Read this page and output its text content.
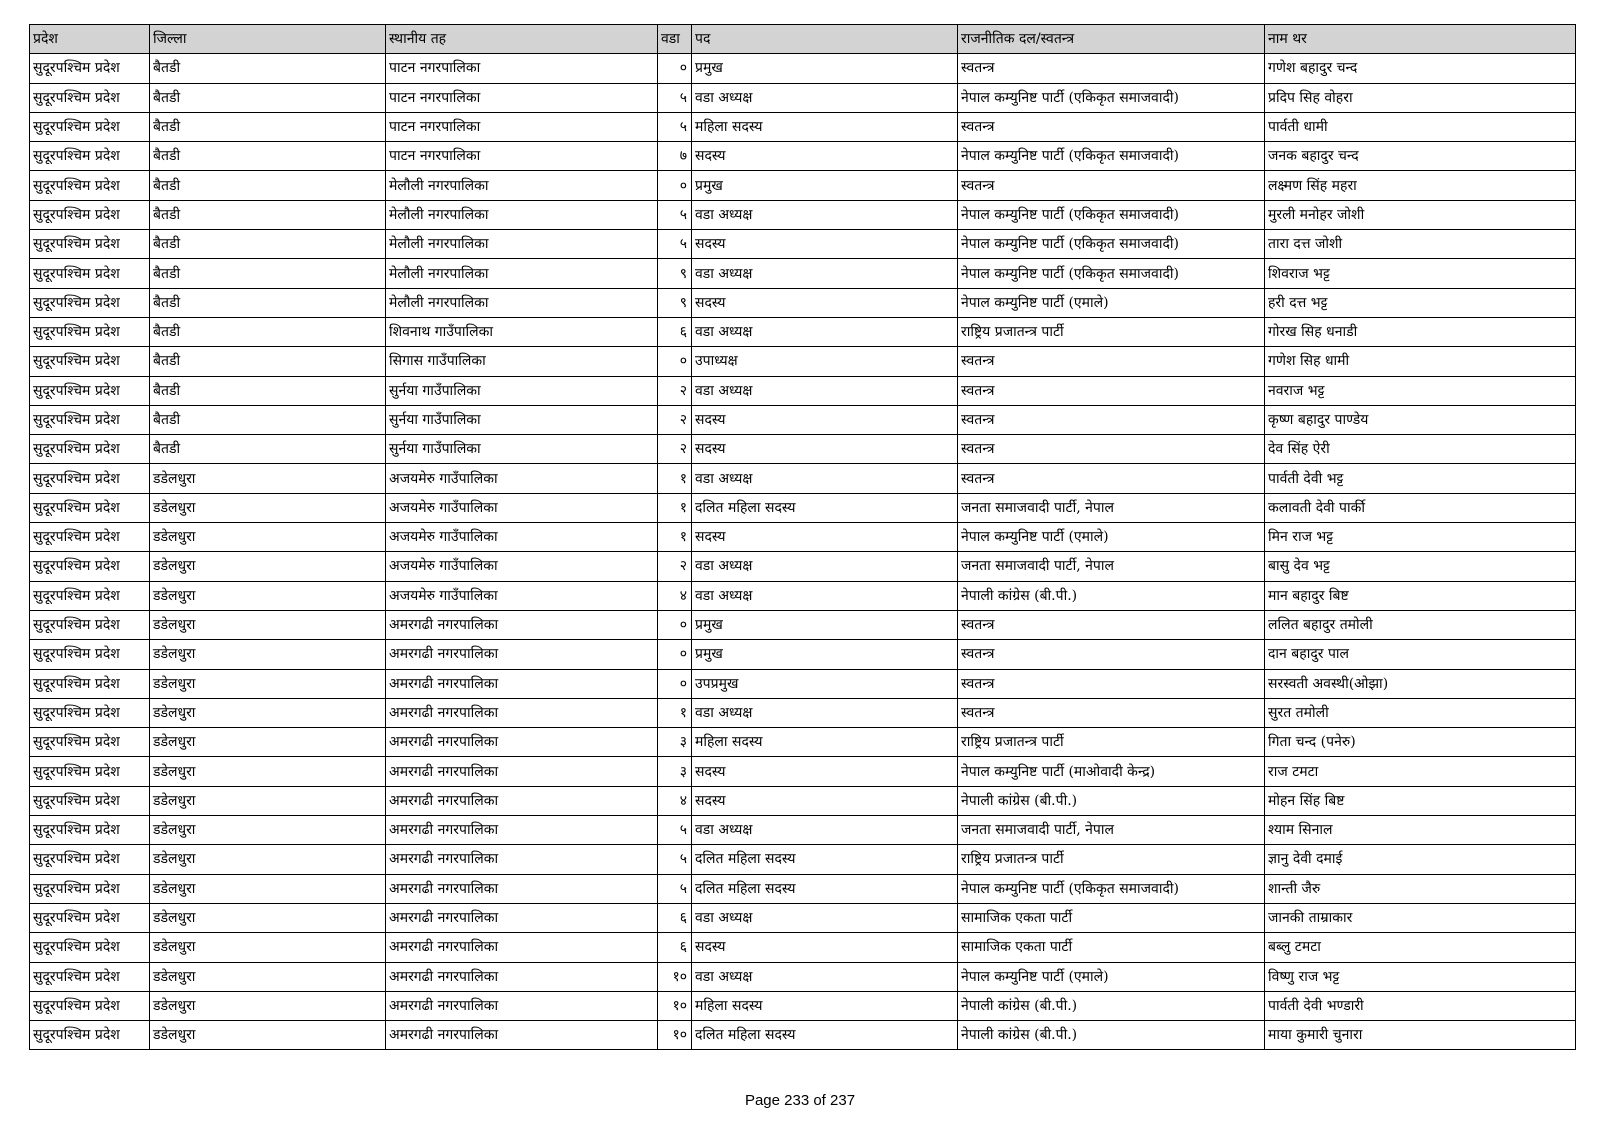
प्रदेश	जिल्ला	स्थानीय तह	वडा	पद	राजनीतिक दल/स्वतन्त्र	नाम थर
सुदूरपश्चिम प्रदेश	बैतडी	पाटन नगरपालिका	०	प्रमुख	स्वतन्त्र	गणेश बहादुर चन्द
सुदूरपश्चिम प्रदेश	बैतडी	पाटन नगरपालिका	५	वडा अध्यक्ष	नेपाल कम्युनिष्ट पार्टी (एकिकृत समाजवादी)	प्रदिप सिह वोहरा
सुदूरपश्चिम प्रदेश	बैतडी	पाटन नगरपालिका	५	महिला सदस्य	स्वतन्त्र	पार्वती धामी
सुदूरपश्चिम प्रदेश	बैतडी	पाटन नगरपालिका	७	सदस्य	नेपाल कम्युनिष्ट पार्टी (एकिकृत समाजवादी)	जनक बहादुर चन्द
सुदूरपश्चिम प्रदेश	बैतडी	मेलौली नगरपालिका	०	प्रमुख	स्वतन्त्र	लक्ष्मण सिंह महरा
सुदूरपश्चिम प्रदेश	बैतडी	मेलौली नगरपालिका	५	वडा अध्यक्ष	नेपाल कम्युनिष्ट पार्टी (एकिकृत समाजवादी)	मुरली मनोहर जोशी
सुदूरपश्चिम प्रदेश	बैतडी	मेलौली नगरपालिका	५	सदस्य	नेपाल कम्युनिष्ट पार्टी (एकिकृत समाजवादी)	तारा दत्त जोशी
सुदूरपश्चिम प्रदेश	बैतडी	मेलौली नगरपालिका	९	वडा अध्यक्ष	नेपाल कम्युनिष्ट पार्टी (एकिकृत समाजवादी)	शिवराज भट्ट
सुदूरपश्चिम प्रदेश	बैतडी	मेलौली नगरपालिका	९	सदस्य	नेपाल कम्युनिष्ट पार्टी (एमाले)	हरी दत्त भट्ट
सुदूरपश्चिम प्रदेश	बैतडी	शिवनाथ गाउँपालिका	६	वडा अध्यक्ष	राष्ट्रिय प्रजातन्त्र पार्टी	गोरख सिह धनाडी
सुदूरपश्चिम प्रदेश	बैतडी	सिगास गाउँपालिका	०	उपाध्यक्ष	स्वतन्त्र	गणेश सिह धामी
सुदूरपश्चिम प्रदेश	बैतडी	सुर्नया गाउँपालिका	२	वडा अध्यक्ष	स्वतन्त्र	नवराज भट्ट
सुदूरपश्चिम प्रदेश	बैतडी	सुर्नया गाउँपालिका	२	सदस्य	स्वतन्त्र	कृष्ण बहादुर पाण्डेय
सुदूरपश्चिम प्रदेश	बैतडी	सुर्नया गाउँपालिका	२	सदस्य	स्वतन्त्र	देव सिंह ऐरी
सुदूरपश्चिम प्रदेश	डडेलधुरा	अजयमेरु गाउँपालिका	१	वडा अध्यक्ष	स्वतन्त्र	पार्वती देवी भट्ट
सुदूरपश्चिम प्रदेश	डडेलधुरा	अजयमेरु गाउँपालिका	१	दलित महिला सदस्य	जनता समाजवादी पार्टी, नेपाल	कलावती देवी पार्की
सुदूरपश्चिम प्रदेश	डडेलधुरा	अजयमेरु गाउँपालिका	१	सदस्य	नेपाल कम्युनिष्ट पार्टी (एमाले)	मिन राज भट्ट
सुदूरपश्चिम प्रदेश	डडेलधुरा	अजयमेरु गाउँपालिका	२	वडा अध्यक्ष	जनता समाजवादी पार्टी, नेपाल	बासु देव भट्ट
सुदूरपश्चिम प्रदेश	डडेलधुरा	अजयमेरु गाउँपालिका	४	वडा अध्यक्ष	नेपाली कांग्रेस (बी.पी.)	मान बहादुर बिष्ट
सुदूरपश्चिम प्रदेश	डडेलधुरा	अमरगढी नगरपालिका	०	प्रमुख	स्वतन्त्र	ललित बहादुर तमोली
सुदूरपश्चिम प्रदेश	डडेलधुरा	अमरगढी नगरपालिका	०	प्रमुख	स्वतन्त्र	दान बहादुर पाल
सुदूरपश्चिम प्रदेश	डडेलधुरा	अमरगढी नगरपालिका	०	उपप्रमुख	स्वतन्त्र	सरस्वती अवस्थी(ओझा)
सुदूरपश्चिम प्रदेश	डडेलधुरा	अमरगढी नगरपालिका	१	वडा अध्यक्ष	स्वतन्त्र	सुरत तमोली
सुदूरपश्चिम प्रदेश	डडेलधुरा	अमरगढी नगरपालिका	३	महिला सदस्य	राष्ट्रिय प्रजातन्त्र पार्टी	गिता चन्द (पनेरु)
सुदूरपश्चिम प्रदेश	डडेलधुरा	अमरगढी नगरपालिका	३	सदस्य	नेपाल कम्युनिष्ट पार्टी (माओवादी केन्द्र)	राज टमटा
सुदूरपश्चिम प्रदेश	डडेलधुरा	अमरगढी नगरपालिका	४	सदस्य	नेपाली कांग्रेस (बी.पी.)	मोहन सिंह बिष्ट
सुदूरपश्चिम प्रदेश	डडेलधुरा	अमरगढी नगरपालिका	५	वडा अध्यक्ष	जनता समाजवादी पार्टी, नेपाल	श्याम सिनाल
सुदूरपश्चिम प्रदेश	डडेलधुरा	अमरगढी नगरपालिका	५	दलित महिला सदस्य	राष्ट्रिय प्रजातन्त्र पार्टी	ज्ञानु देवी दमाई
सुदूरपश्चिम प्रदेश	डडेलधुरा	अमरगढी नगरपालिका	५	दलित महिला सदस्य	नेपाल कम्युनिष्ट पार्टी (एकिकृत समाजवादी)	शान्ती जैरु
सुदूरपश्चिम प्रदेश	डडेलधुरा	अमरगढी नगरपालिका	६	वडा अध्यक्ष	सामाजिक एकता पार्टी	जानकी ताम्राकार
सुदूरपश्चिम प्रदेश	डडेलधुरा	अमरगढी नगरपालिका	६	सदस्य	सामाजिक एकता पार्टी	बब्लु टमटा
सुदूरपश्चिम प्रदेश	डडेलधुरा	अमरगढी नगरपालिका	१०	वडा अध्यक्ष	नेपाल कम्युनिष्ट पार्टी (एमाले)	विष्णु राज भट्ट
सुदूरपश्चिम प्रदेश	डडेलधुरा	अमरगढी नगरपालिका	१०	महिला सदस्य	नेपाली कांग्रेस (बी.पी.)	पार्वती देवी भण्डारी
सुदूरपश्चिम प्रदेश	डडेलधुरा	अमरगढी नगरपालिका	१०	दलित महिला सदस्य	नेपाली कांग्रेस (बी.पी.)	माया कुमारी चुनारा
Page 233 of 237
